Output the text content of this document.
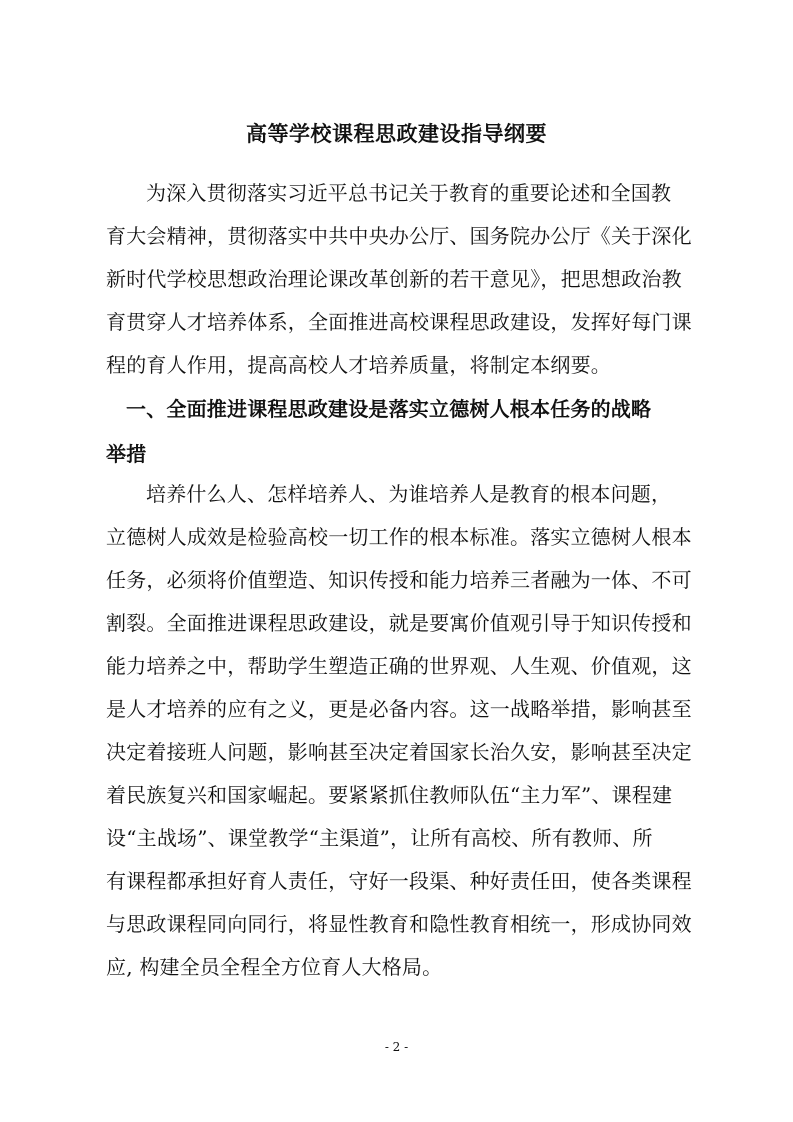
高等学校课程思政建设指导纲要
为深入贯彻落实习近平总书记关于教育的重要论述和全国教
育大会精神，贯彻落实中共中央办公厅、国务院办公厅《关于深化
新时代学校思想政治理论课改革创新的若干意见》，把思想政治教
育贯穿人才培养体系，全面推进高校课程思政建设，发挥好每门课
程的育人作用，提高高校人才培养质量，将制定本纲要。
一、全面推进课程思政建设是落实立德树人根本任务的战略
举措
培养什么人、怎样培养人、为谁培养人是教育的根本问题，
立德树人成效是检验高校一切工作的根本标准。落实立德树人根本
任务，必须将价值塑造、知识传授和能力培养三者融为一体、不可
割裂。全面推进课程思政建设，就是要寓价值观引导于知识传授和
能力培养之中，帮助学生塑造正确的世界观、人生观、价值观，这
是人才培养的应有之义，更是必备内容。这一战略举措，影响甚至
决定着接班人问题，影响甚至决定着国家长治久安，影响甚至决定
着民族复兴和国家崛起。要紧紧抓住教师队伍“主力军”、课程建
设“主战场”、课堂教学“主渠道”，让所有高校、所有教师、所
有课程都承担好育人责任，守好一段渠、种好责任田，使各类课程
与思政课程同向同行，将显性教育和隐性教育相统一，形成协同效
应, 构建全员全程全方位育人大格局。
- 2 -
